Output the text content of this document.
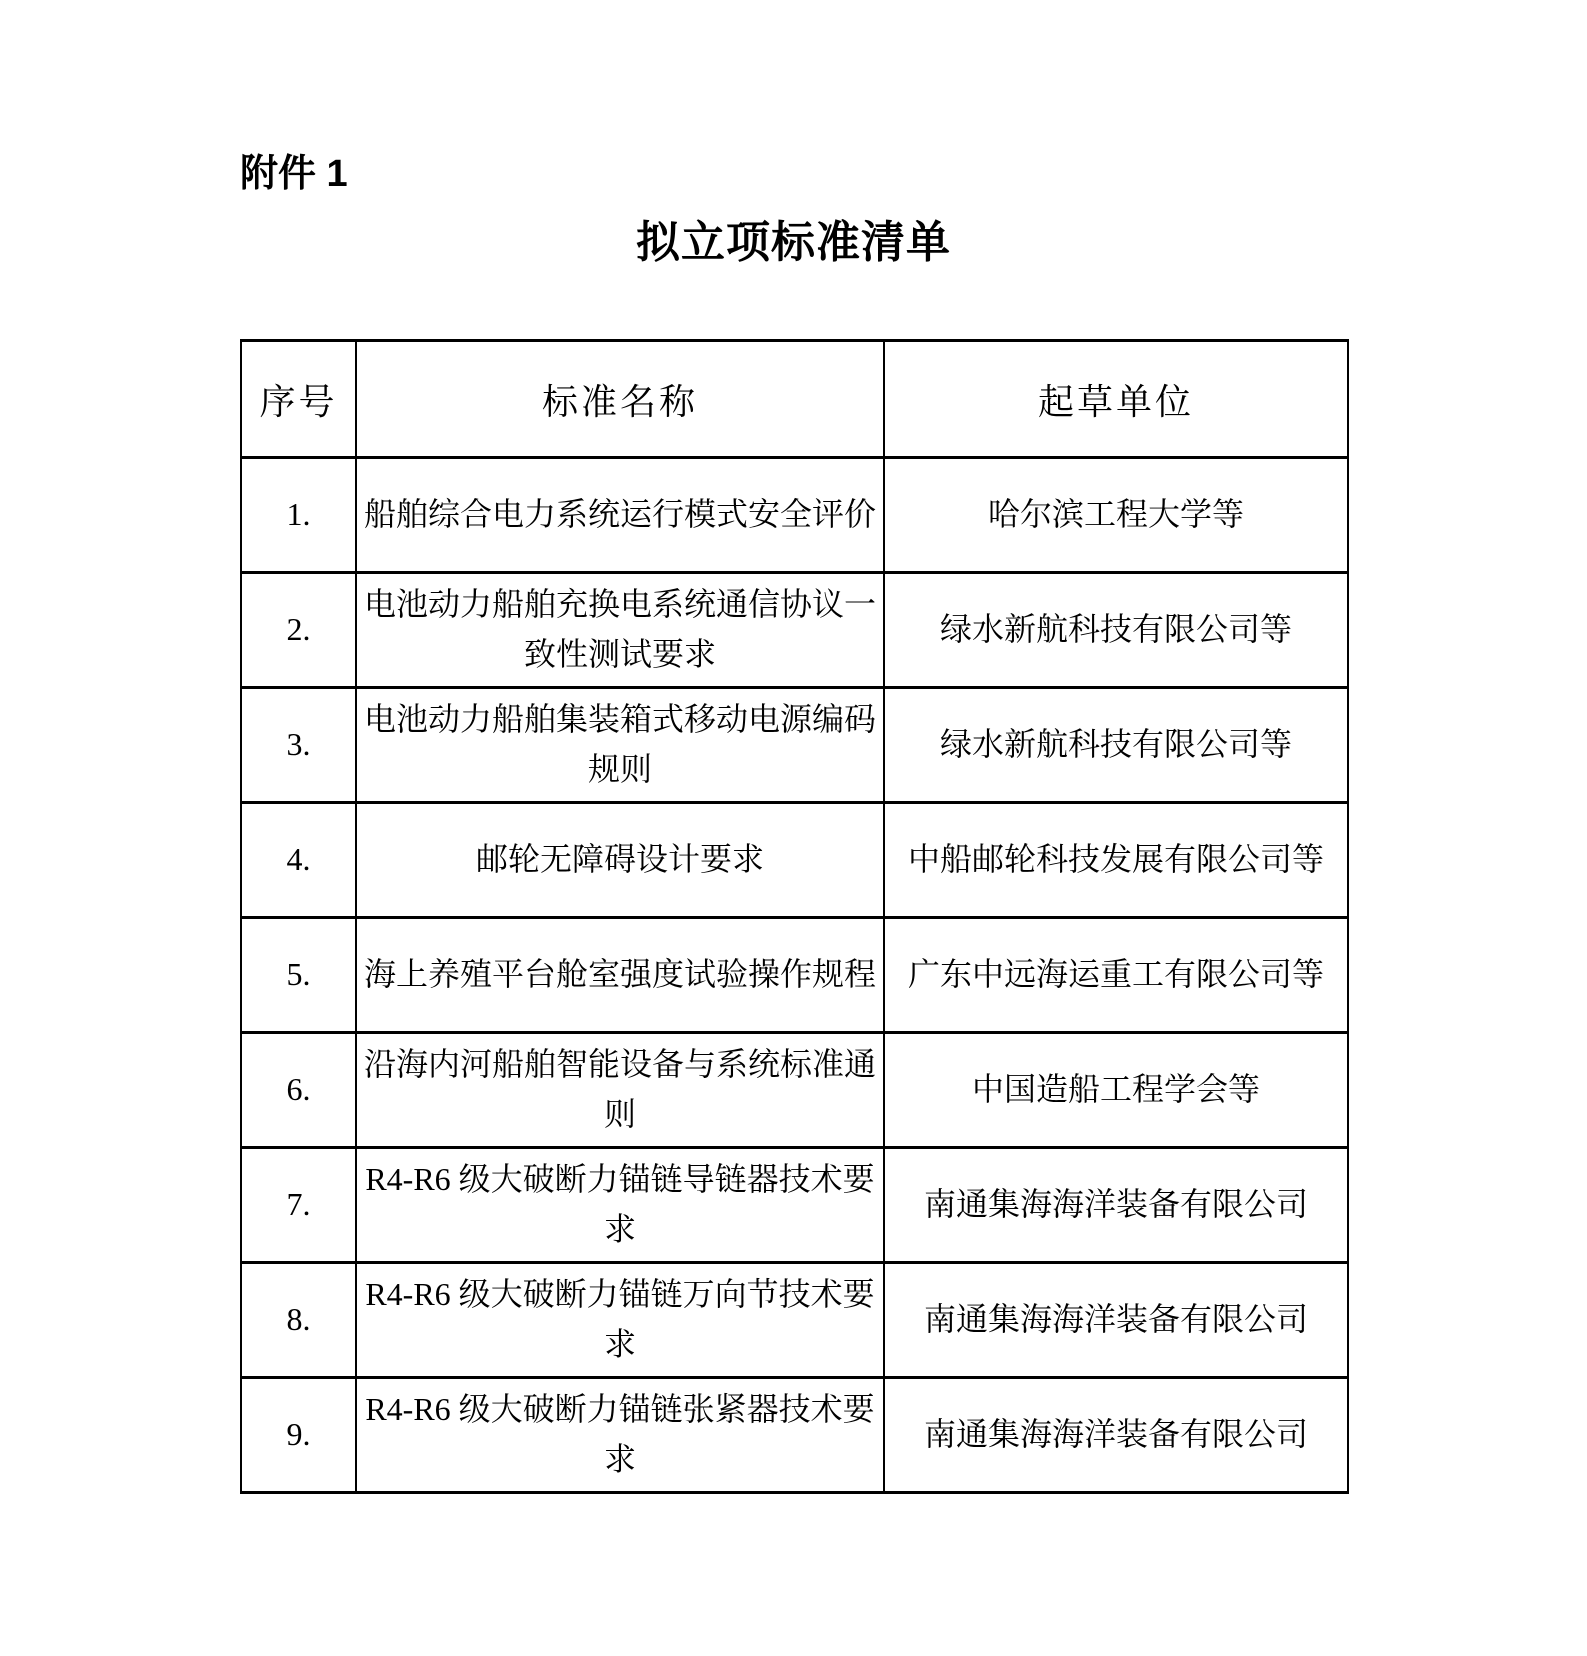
附件 1
拟立项标准清单
序号	标准名称	起草单位
1.	船舶综合电力系统运行模式安全评价	哈尔滨工程大学等
2.	电池动力船舶充换电系统通信协议一致性测试要求	绿水新航科技有限公司等
3.	电池动力船舶集装箱式移动电源编码规则	绿水新航科技有限公司等
4.	邮轮无障碍设计要求	中船邮轮科技发展有限公司等
5.	海上养殖平台舱室强度试验操作规程	广东中远海运重工有限公司等
6.	沿海内河船舶智能设备与系统标准通则	中国造船工程学会等
7.	R4-R6 级大破断力锚链导链器技术要求	南通集海海洋装备有限公司
8.	R4-R6 级大破断力锚链万向节技术要求	南通集海海洋装备有限公司
9.	R4-R6 级大破断力锚链张紧器技术要求	南通集海海洋装备有限公司
